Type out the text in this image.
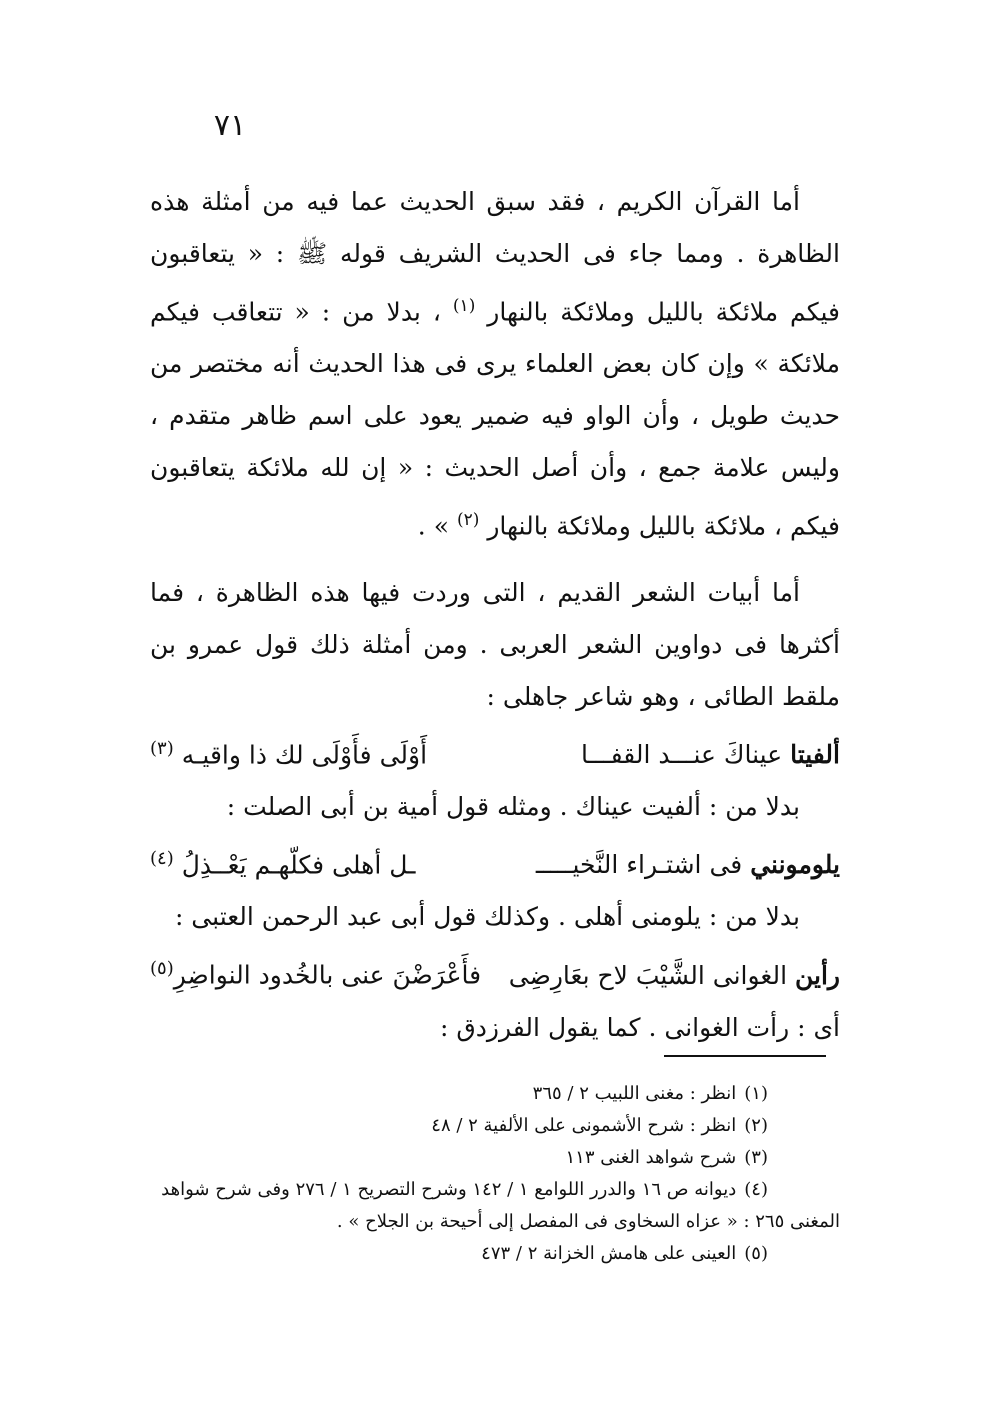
٧١

أما القرآن الكريم ، فقد سبق الحديث عما فيه من أمثلة هذه الظاهرة . ومما جاء فى الحديث الشريف قوله ﷺ : « يتعاقبون فيكم ملائكة بالليل وملائكة بالنهار $^{(١)}$ ، بدلا من : « تتعاقب فيكم ملائكة » وإن كان بعض العلماء يرى فى هذا الحديث أنه مختصر من حديث طويل ، وأن الواو فيه ضمير يعود على اسم ظاهر متقدم ، وليس علامة جمع ، وأن أصل الحديث : « إن لله ملائكة يتعاقبون فيكم ، ملائكة بالليل وملائكة بالنهار $^{(٢)}$ » .

أما أبيات الشعر القديم ، التى وردت فيها هذه الظاهرة ، فما أكثرها فى دواوين الشعر العربى . ومن أمثلة ذلك قول عمرو بن ملقط الطائى ، وهو شاعر جاهلى :

ألفيتا عيناكَ عنـــد القفـــا
أَوْلَى فأَوْلَى لك ذا واقيـه $^{(٣)}$

بدلا من : ألفيت عيناك . ومثله قول أمية بن أبى الصلت :

يلومونني فى اشتـراء النَّخيـــــ
ـل أهلى فكلّهـم يَعْــذِلُ $^{(٤)}$

بدلا من : يلومنى أهلى . وكذلك قول أبى عبد الرحمن العتبى :

رأين الغوانى الشَّيْبَ لاح بعَارِضِى
فأَعْرَضْنَ عنى بالخُدود النواضِرِ$^{(٥)}$

أى : رأت الغوانى . كما يقول الفرزدق :

(١)انظر : مغنى اللبيب ٢ / ٣٦٥

(٢)انظر : شرح الأشمونى على الألفية ٢ / ٤٨

(٣)شرح شواهد الغنى ١١٣

(٤)ديوانه ص ١٦ والدرر اللوامع ١ / ١٤٢ وشرح التصريح ١ / ٢٧٦ وفى شرح شواهد

المغنى ٢٦٥ : « عزاه السخاوى فى المفصل إلى أحيحة بن الجلاح » .

(٥)العينى على هامش الخزانة ٢ / ٤٧٣
